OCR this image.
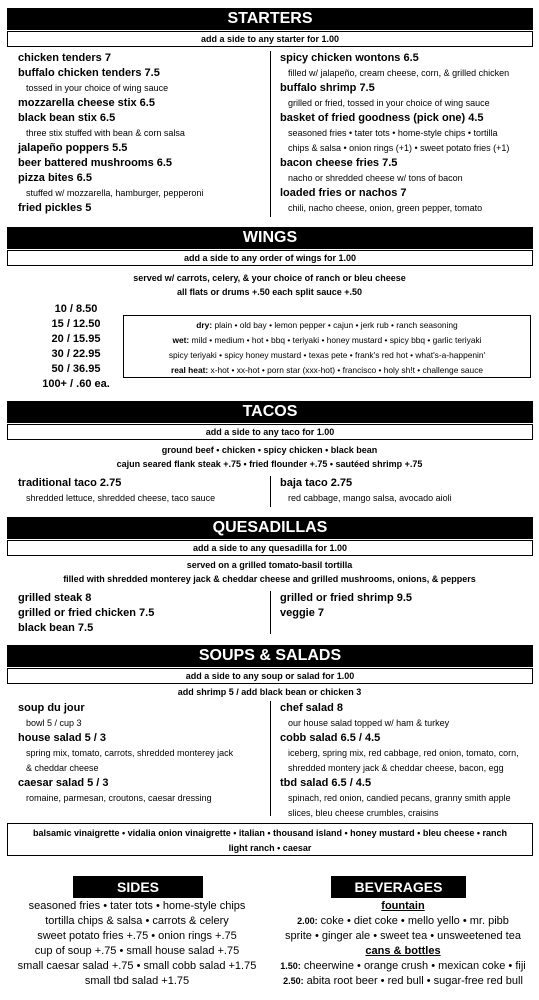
STARTERS
add a side to any starter for 1.00
chicken tenders 7
buffalo chicken tenders 7.5
tossed in your choice of wing sauce
mozzarella cheese stix 6.5
black bean stix 6.5
three stix stuffed with bean & corn salsa
jalapeño poppers 5.5
beer battered mushrooms 6.5
pizza bites 6.5
stuffed w/ mozzarella, hamburger, pepperoni
fried pickles 5
spicy chicken wontons 6.5
filled w/ jalapeño, cream cheese, corn, & grilled chicken
buffalo shrimp 7.5
grilled or fried, tossed in your choice of wing sauce
basket of fried goodness (pick one) 4.5
seasoned fries • tater tots • home-style chips • tortilla
chips & salsa • onion rings (+1) • sweet potato fries (+1)
bacon cheese fries 7.5
nacho or shredded cheese w/ tons of bacon
loaded fries or nachos 7
chili, nacho cheese, onion, green pepper, tomato
WINGS
add a side to any order of wings for 1.00
served w/ carrots, celery, & your choice of ranch or bleu cheese
all flats or drums +.50 each split sauce +.50
10 / 8.50
15 / 12.50
20 / 15.95
30 / 22.95
50 / 36.95
100+ / .60 ea.
dry: plain • old bay • lemon pepper • cajun • jerk rub • ranch seasoning
wet: mild • medium • hot • bbq • teriyaki • honey mustard • spicy bbq • garlic teriyaki
spicy teriyaki • spicy honey mustard • texas pete • frank's red hot • what's-a-happenin'
real heat: x-hot • xx-hot • porn star (xxx-hot) • francisco • holy sh!t • challenge sauce
TACOS
add a side to any taco for 1.00
ground beef • chicken • spicy chicken • black bean
cajun seared flank steak +.75 • fried flounder +.75 • sautéed shrimp +.75
traditional taco 2.75
shredded lettuce, shredded cheese, taco sauce
baja taco 2.75
red cabbage, mango salsa, avocado aioli
QUESADILLAS
add a side to any quesadilla for 1.00
served on a grilled tomato-basil tortilla
filled with shredded monterey jack & cheddar cheese and grilled mushrooms, onions, & peppers
grilled steak 8
grilled or fried chicken 7.5
black bean 7.5
grilled or fried shrimp 9.5
veggie 7
SOUPS & SALADS
add a side to any soup or salad for 1.00
add shrimp 5 / add black bean or chicken 3
soup du jour
bowl 5 / cup 3
house salad 5 / 3
spring mix, tomato, carrots, shredded monterey jack
& cheddar cheese
caesar salad 5 / 3
romaine, parmesan, croutons, caesar dressing
chef salad 8
our house salad topped w/ ham & turkey
cobb salad 6.5 / 4.5
iceberg, spring mix, red cabbage, red onion, tomato, corn,
shredded montery jack & cheddar cheese, bacon, egg
tbd salad 6.5 / 4.5
spinach, red onion, candied pecans, granny smith apple
slices, bleu cheese crumbles, craisins
balsamic vinaigrette • vidalia onion vinaigrette • italian • thousand island • honey mustard • bleu cheese • ranch
light ranch • caesar
SIDES
seasoned fries • tater tots • home-style chips
tortilla chips & salsa • carrots & celery
sweet potato fries +.75 • onion rings +.75
cup of soup +.75 • small house salad +.75
small caesar salad +.75 • small cobb salad +1.75
small tbd salad +1.75
BEVERAGES
fountain
2.00: coke • diet coke • mello yello • mr. pibb
sprite • ginger ale • sweet tea • unsweetened tea
cans & bottles
1.50: cheerwine • orange crush • mexican coke • fiji
2.50: abita root beer • red bull • sugar-free red bull
